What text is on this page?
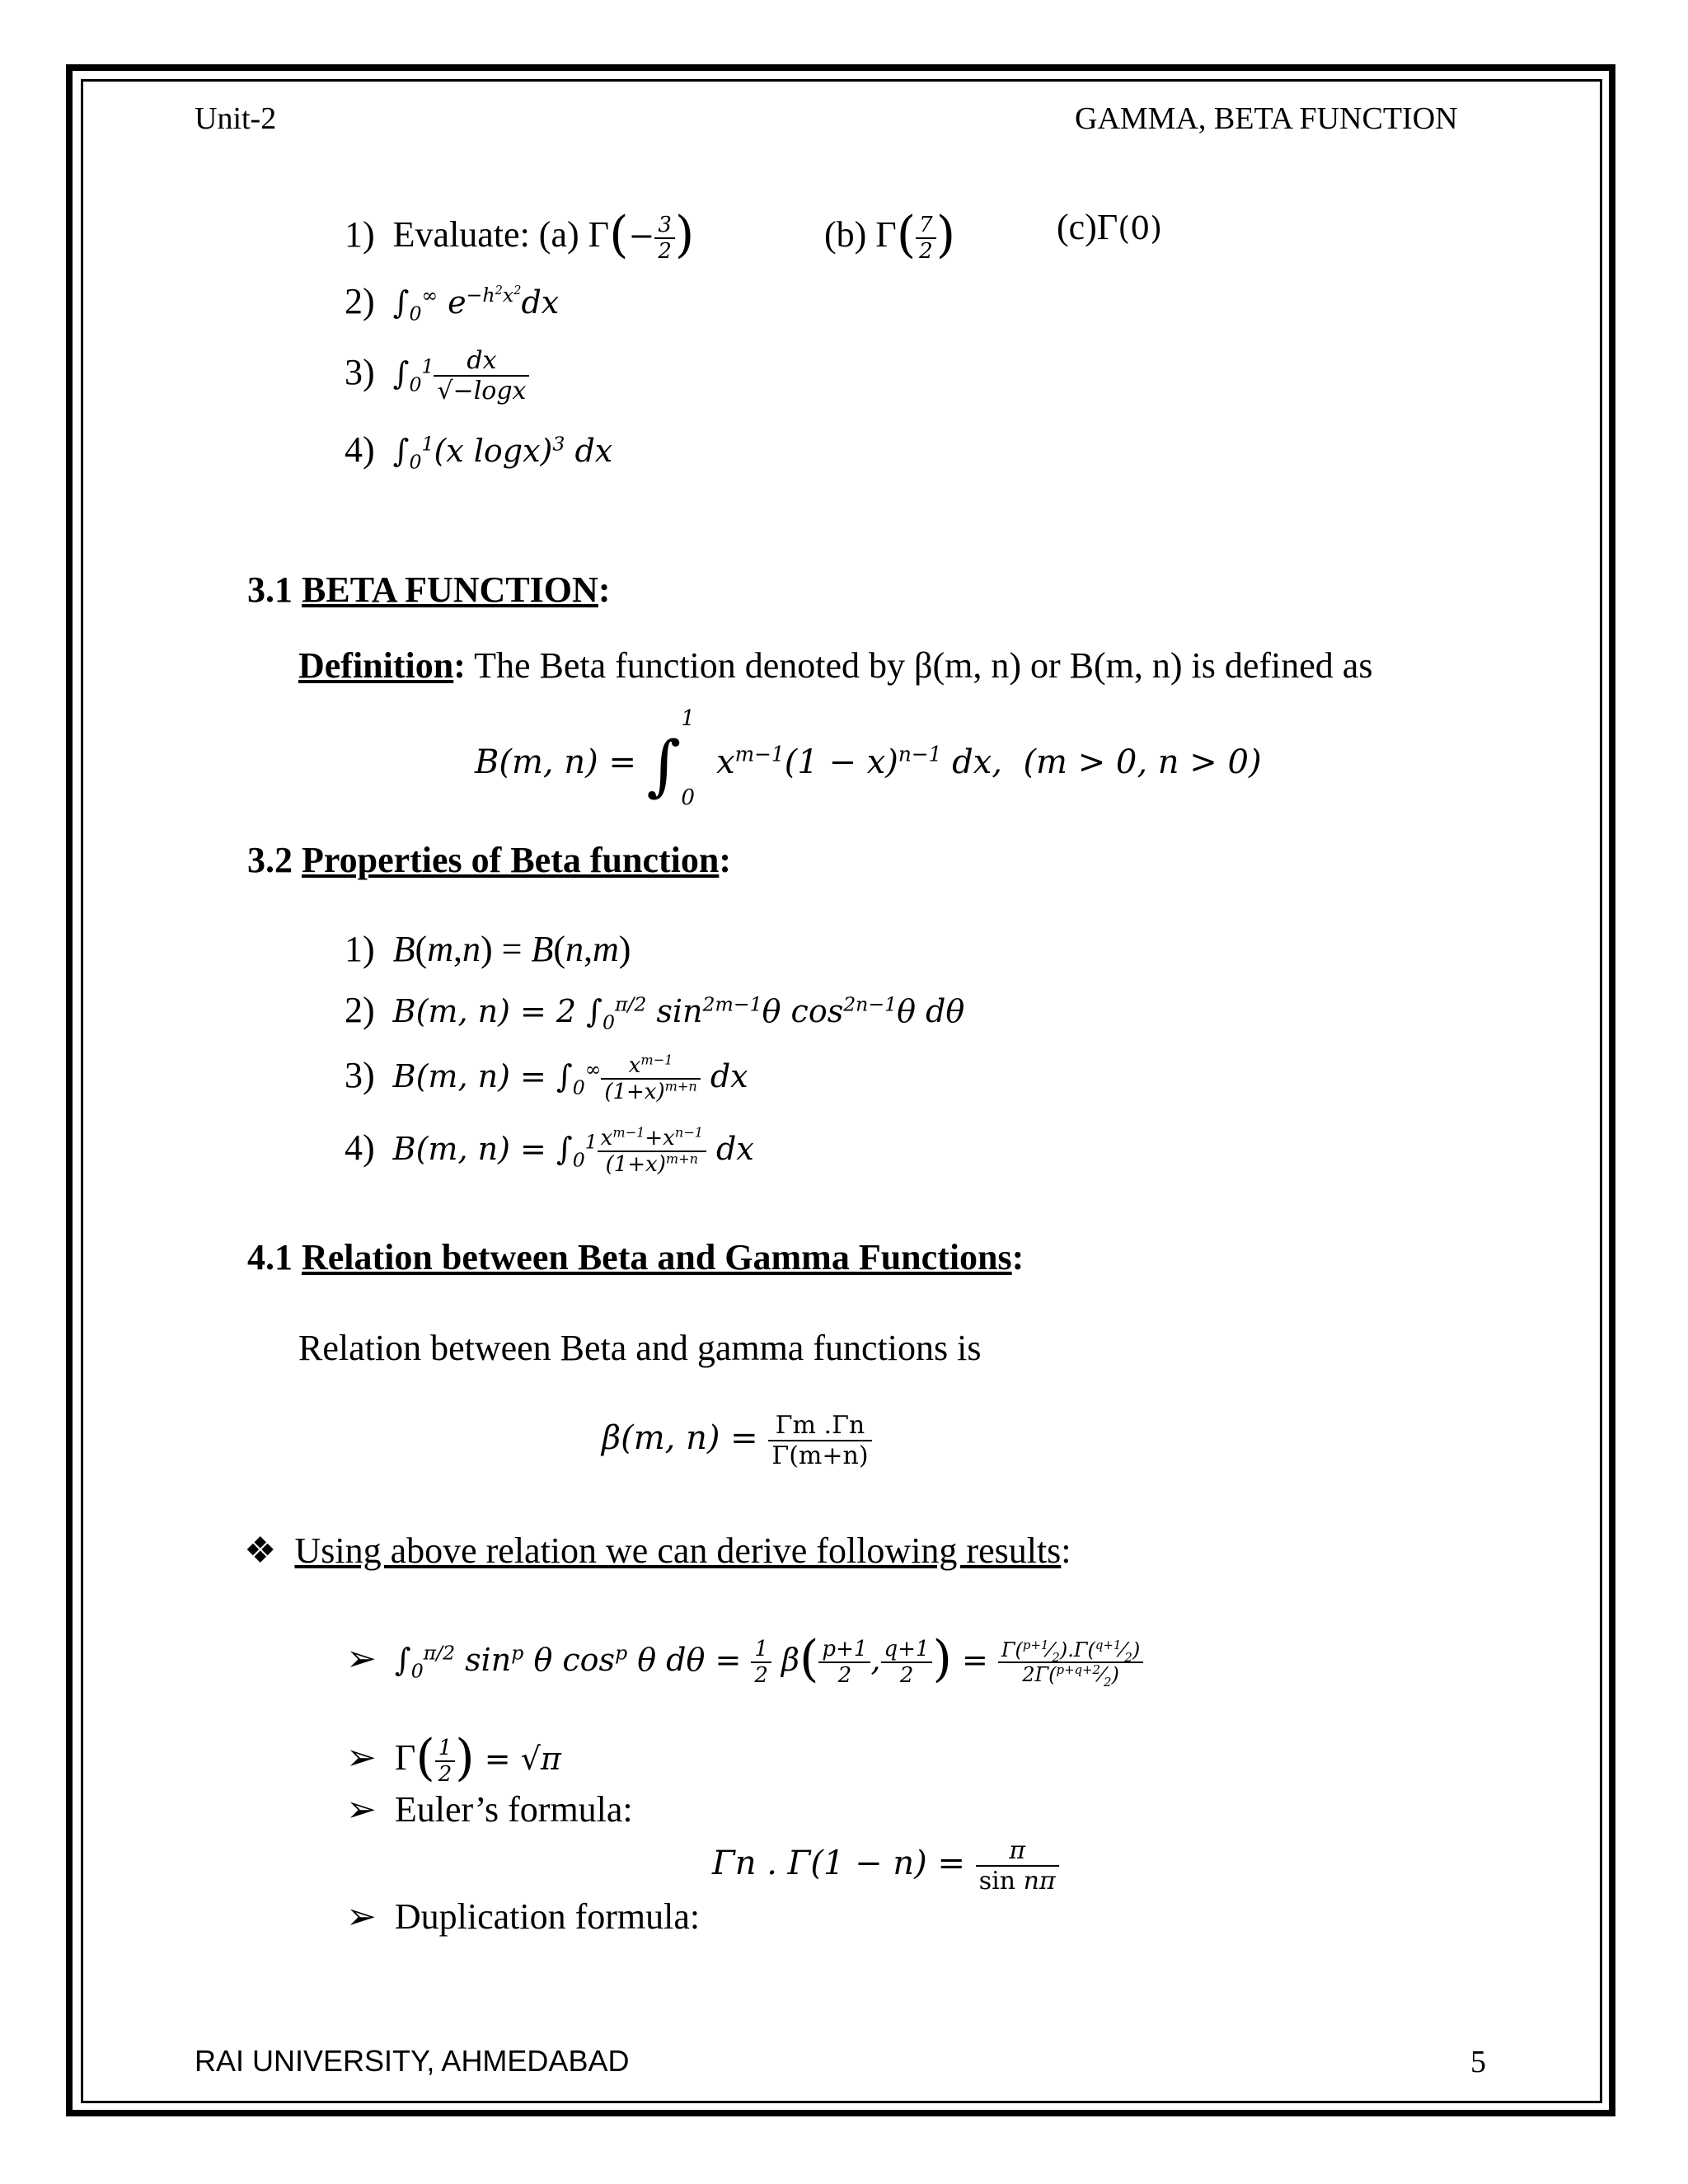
Unit-2	GAMMA, BETA FUNCTION
1) Evaluate: (a) $\Gamma(- \frac{3}{2}$ )	(b) $\Gamma( \frac{7}{2}$ )	(c)Γ(0)
2) $\int_0^\infty$ $e^{-h^2x^2}dx$
3) $\int_0^1 \frac{dx}{√-\log x}$
4) $\int_0^1(x$ logx)$^3$ dx
3.1 BETA FUNCTION:
Definition: The Beta function denoted by β(m, n) or B(m, n) is defined as
B(m, n) = ∫
1
0
$x^{m-1}(1 - x)^{n-1}$ dx,  (m > 0, n > 0)
3.2 Properties of Beta function:
1) B(m,n) = B(n,m)
2) B(m, n) = 2 $\int_0^{\pi/2}$ $\sin^{2m-1}\theta$ $\cos^{2n-1}\theta$ dθ
3) B(m, $n) = \int_0^\infty \frac{x^{m-1}}{(1+x)^{m+n}}$ dx
4) B(m, $n) = \int_0^1 \frac{x^{m-1}+x^{n-1}}{(1+x)^{m+n}}$ dx
4.1 Relation between Beta and Gamma Functions:
Relation between Beta and gamma functions is
β(m, $n) = \frac{\Gamma m .\Gamma n}{\Gamma(m+n)}$
❖ Using above relation we can derive following results:
➢ $\int_0^{\pi/2}$ $\sin^p \theta$ $\cos^p \theta$ $d\theta = \frac{1}{2} \beta( \frac{p+1}{2}$ , $\frac{q+1}{2}$ ) = $\frac{\Gamma(^{p+1}⁄_2).\Gamma(^{q+1}⁄_2)}{2\Gamma(^{p+q+2}⁄_2)}$
➢  $\Gamma( \frac{1}{2}$ ) = √π
➢ Euler’s formula:
Γn . $\Gamma(1 - n) = \frac{\pi}{\text{sin nπ}}$
➢ Duplication formula:
RAI UNIVERSITY, AHMEDABAD	5
